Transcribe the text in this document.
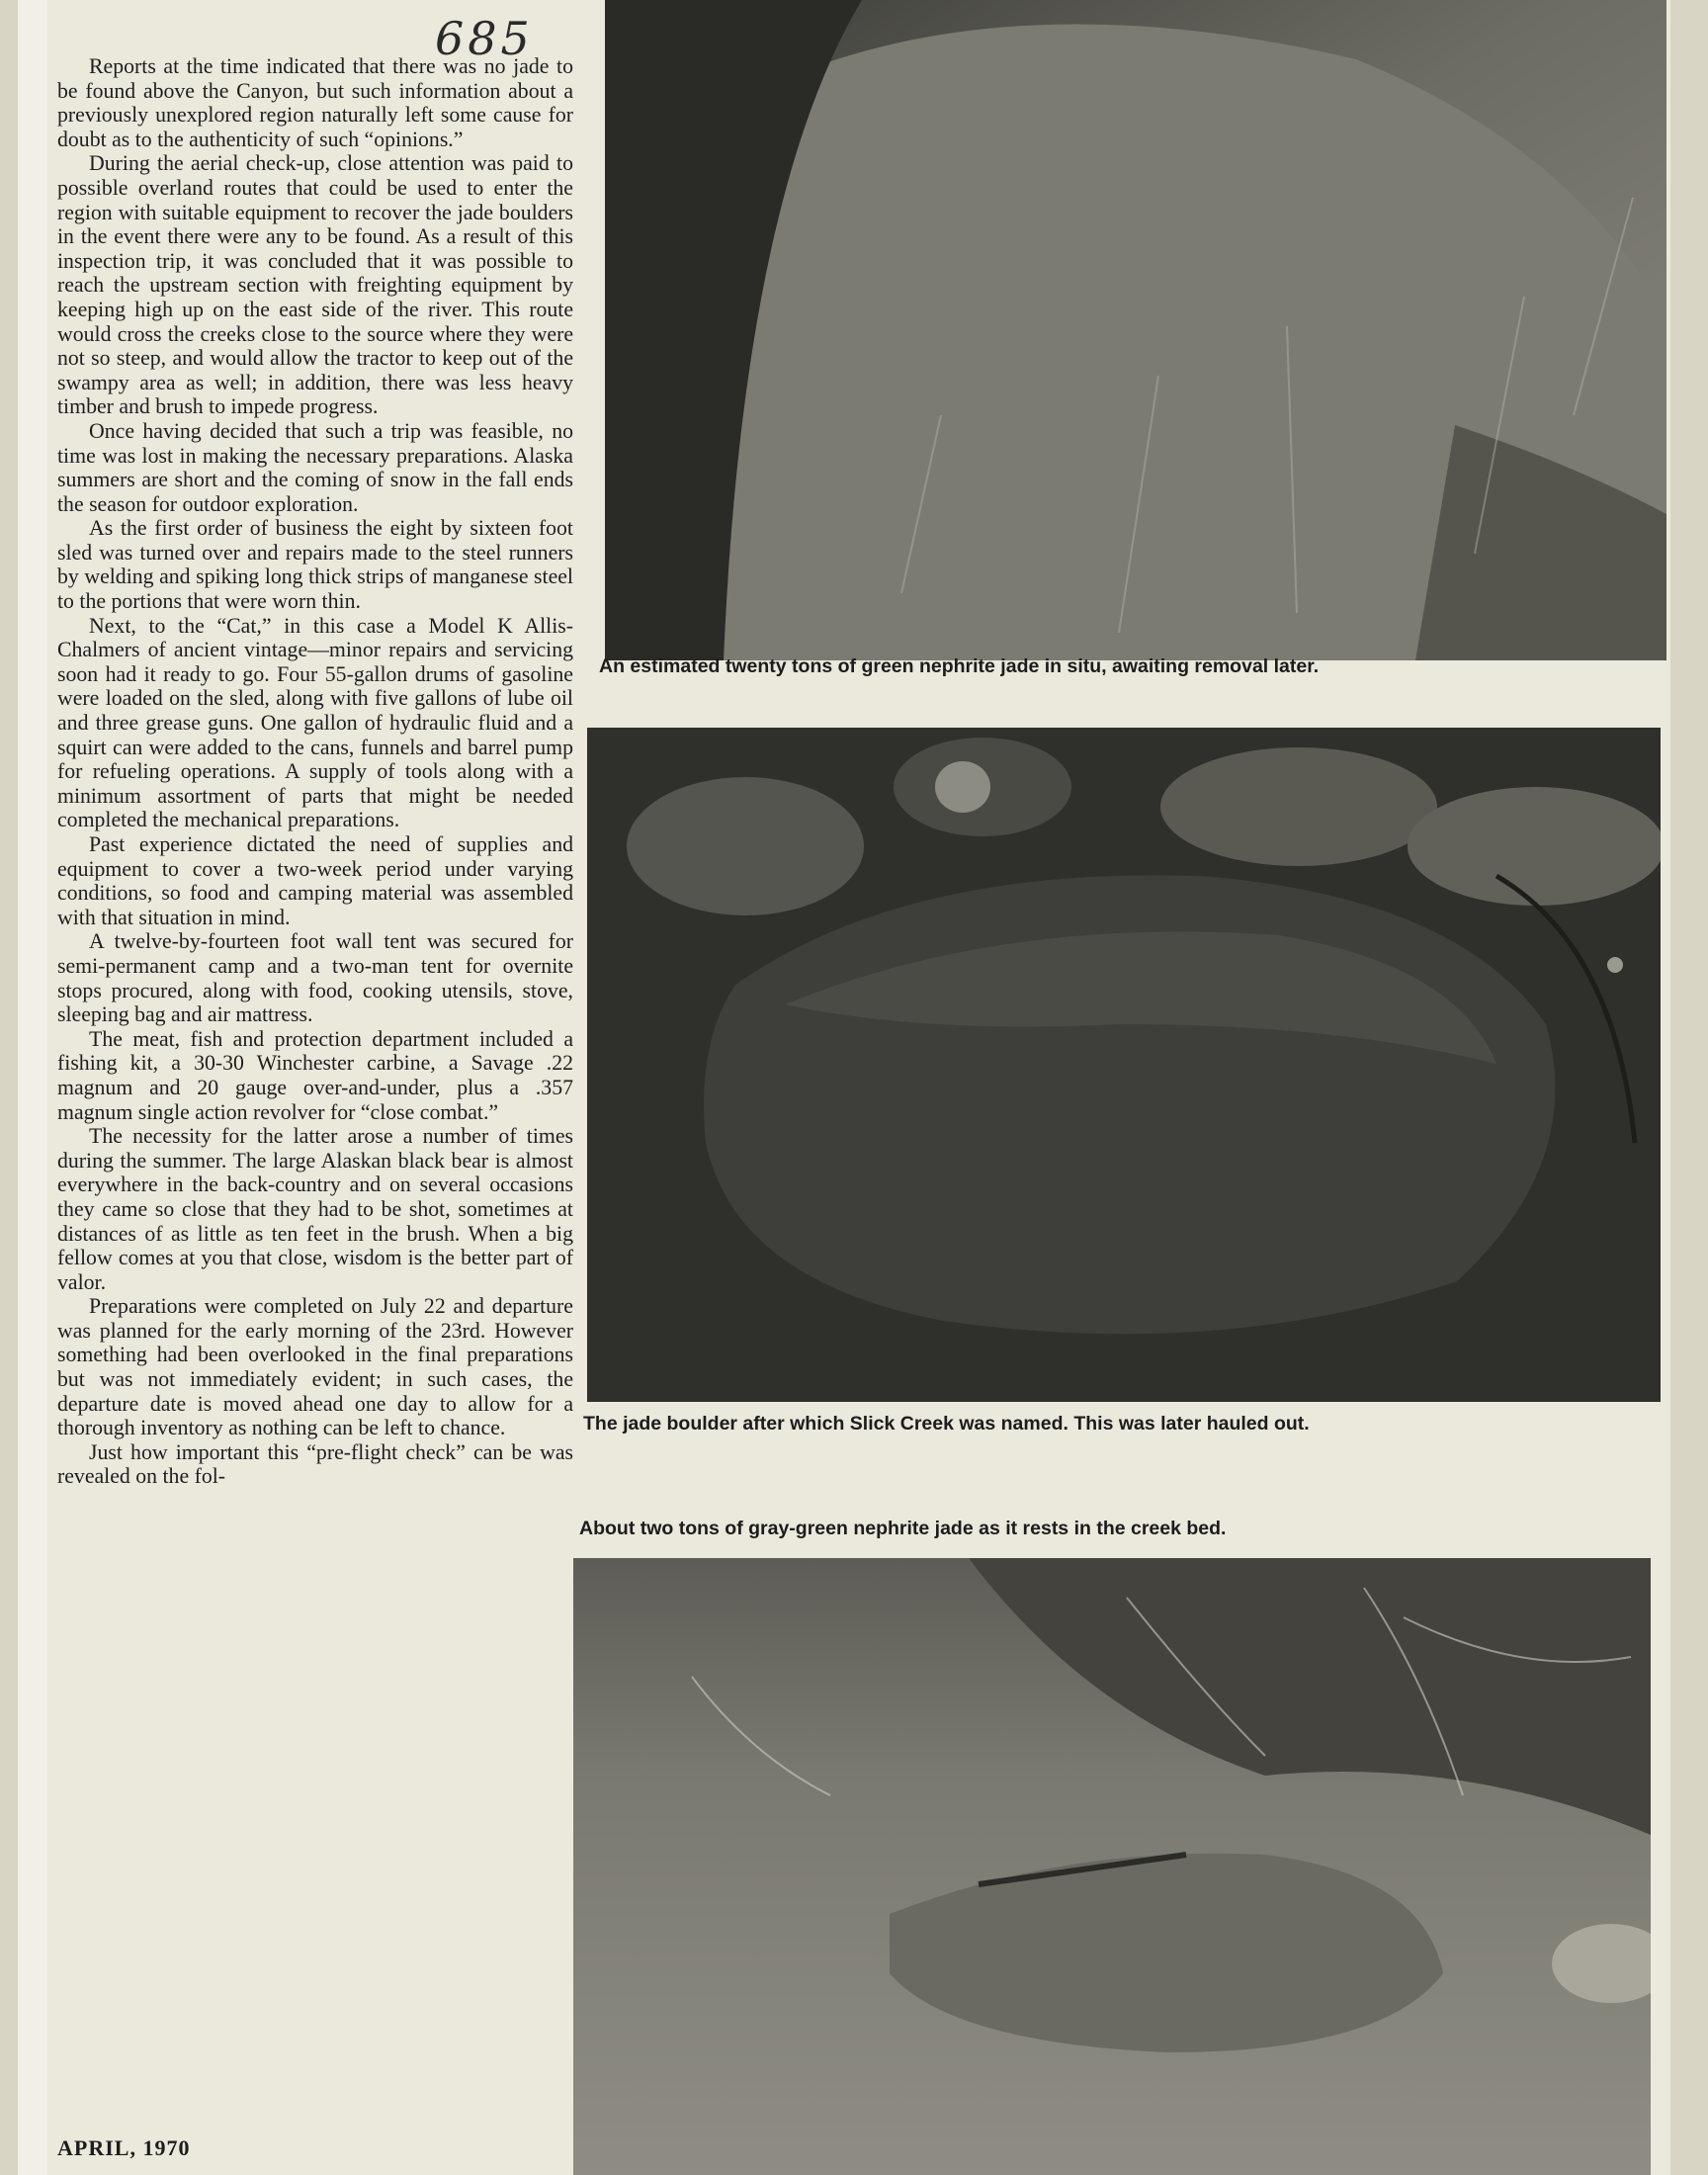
685

Reports at the time indicated that there was no jade to be found above the Canyon, but such information about a previously unexplored region naturally left some cause for doubt as to the authenticity of such “opinions.”

During the aerial check-up, close attention was paid to possible overland routes that could be used to enter the region with suitable equipment to recover the jade boulders in the event there were any to be found. As a result of this inspection trip, it was concluded that it was possible to reach the upstream section with freighting equipment by keeping high up on the east side of the river. This route would cross the creeks close to the source where they were not so steep, and would allow the tractor to keep out of the swampy area as well; in addition, there was less heavy timber and brush to impede progress.

Once having decided that such a trip was feasible, no time was lost in making the necessary preparations. Alaska summers are short and the coming of snow in the fall ends the season for outdoor exploration.

As the first order of business the eight by sixteen foot sled was turned over and repairs made to the steel runners by welding and spiking long thick strips of manganese steel to the portions that were worn thin.

Next, to the “Cat,” in this case a Model K Allis-Chalmers of ancient vintage—minor repairs and servicing soon had it ready to go. Four 55-gallon drums of gasoline were loaded on the sled, along with five gallons of lube oil and three grease guns. One gallon of hydraulic fluid and a squirt can were added to the cans, funnels and barrel pump for refueling operations. A supply of tools along with a minimum assortment of parts that might be needed completed the mechanical preparations.

Past experience dictated the need of supplies and equipment to cover a two-week period under varying conditions, so food and camping material was assembled with that situation in mind.

A twelve-by-fourteen foot wall tent was secured for semi-permanent camp and a two-man tent for overnite stops procured, along with food, cooking utensils, stove, sleeping bag and air mattress.

The meat, fish and protection department included a fishing kit, a 30-30 Winchester carbine, a Savage .22 magnum and 20 gauge over-and-under, plus a .357 magnum single action revolver for “close combat.”

The necessity for the latter arose a number of times during the summer. The large Alaskan black bear is almost everywhere in the back-country and on several occasions they came so close that they had to be shot, sometimes at distances of as little as ten feet in the brush. When a big fellow comes at you that close, wisdom is the better part of valor.

Preparations were completed on July 22 and departure was planned for the early morning of the 23rd. However something had been overlooked in the final preparations but was not immediately evident; in such cases, the departure date is moved ahead one day to allow for a thorough inventory as nothing can be left to chance.

Just how important this “pre-flight check” can be was revealed on the fol-

APRIL, 1970
An estimated twenty tons of green nephrite jade in situ, awaiting removal later.
The jade boulder after which Slick Creek was named. This was later hauled out.
About two tons of gray-green nephrite jade as it rests in the creek bed.
